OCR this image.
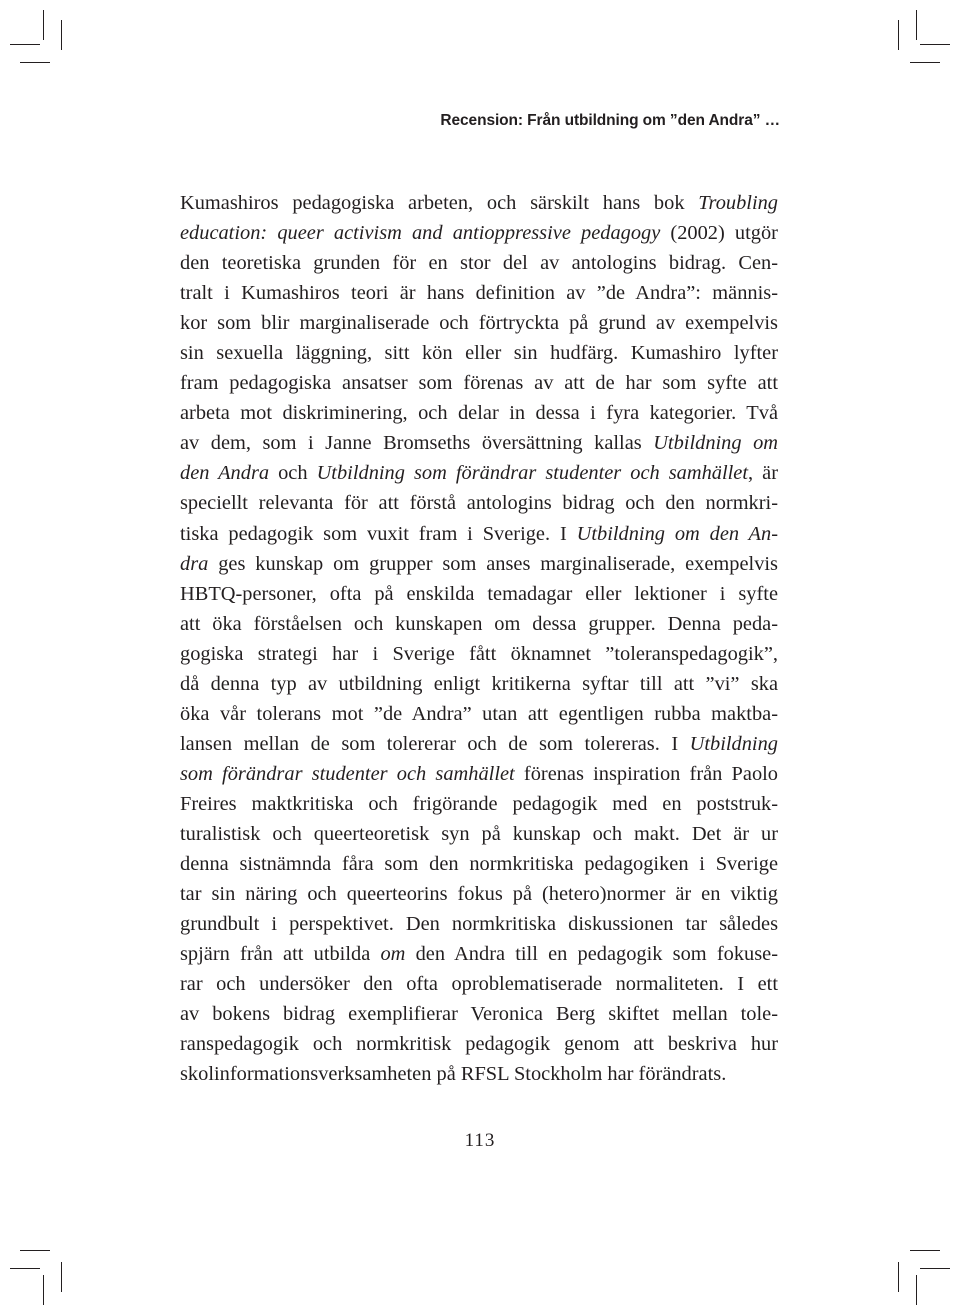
Recension: Från utbildning om ”den Andra” …
Kumashiros pedagogiska arbeten, och särskilt hans bok Troubling
education: queer activism and antioppressive pedagogy (2002) utgör
den teoretiska grunden för en stor del av antologins bidrag. Cen-
tralt i Kumashiros teori är hans definition av ”de Andra”: männis-
kor som blir marginaliserade och förtryckta på grund av exempelvis
sin sexuella läggning, sitt kön eller sin hudfärg. Kumashiro lyfter
fram pedagogiska ansatser som förenas av att de har som syfte att
arbeta mot diskriminering, och delar in dessa i fyra kategorier. Två
av dem, som i Janne Bromseths översättning kallas Utbildning om
den Andra och Utbildning som förändrar studenter och samhället, är
speciellt relevanta för att förstå antologins bidrag och den normkri-
tiska pedagogik som vuxit fram i Sverige. I Utbildning om den An-
dra ges kunskap om grupper som anses marginaliserade, exempelvis
HBTQ-personer, ofta på enskilda temadagar eller lektioner i syfte
att öka förståelsen och kunskapen om dessa grupper. Denna peda-
gogiska strategi har i Sverige fått öknamnet ”toleranspedagogik”,
då denna typ av utbildning enligt kritikerna syftar till att ”vi” ska
öka vår tolerans mot ”de Andra” utan att egentligen rubba maktba-
lansen mellan de som tolererar och de som tolereras. I Utbildning
som förändrar studenter och samhället förenas inspiration från Paolo
Freires maktkritiska och frigörande pedagogik med en poststruk-
turalistisk och queerteoretisk syn på kunskap och makt. Det är ur
denna sistnämnda fåra som den normkritiska pedagogiken i Sverige
tar sin näring och queerteorins fokus på (hetero)normer är en viktig
grundbult i perspektivet. Den normkritiska diskussionen tar således
spjärn från att utbilda om den Andra till en pedagogik som fokuse-
rar och undersöker den ofta oproblematiserade normaliteten. I ett
av bokens bidrag exemplifierar Veronica Berg skiftet mellan tole-
ranspedagogik och normkritisk pedagogik genom att beskriva hur
skolinformationsverksamheten på RFSL Stockholm har förändrats.
113
